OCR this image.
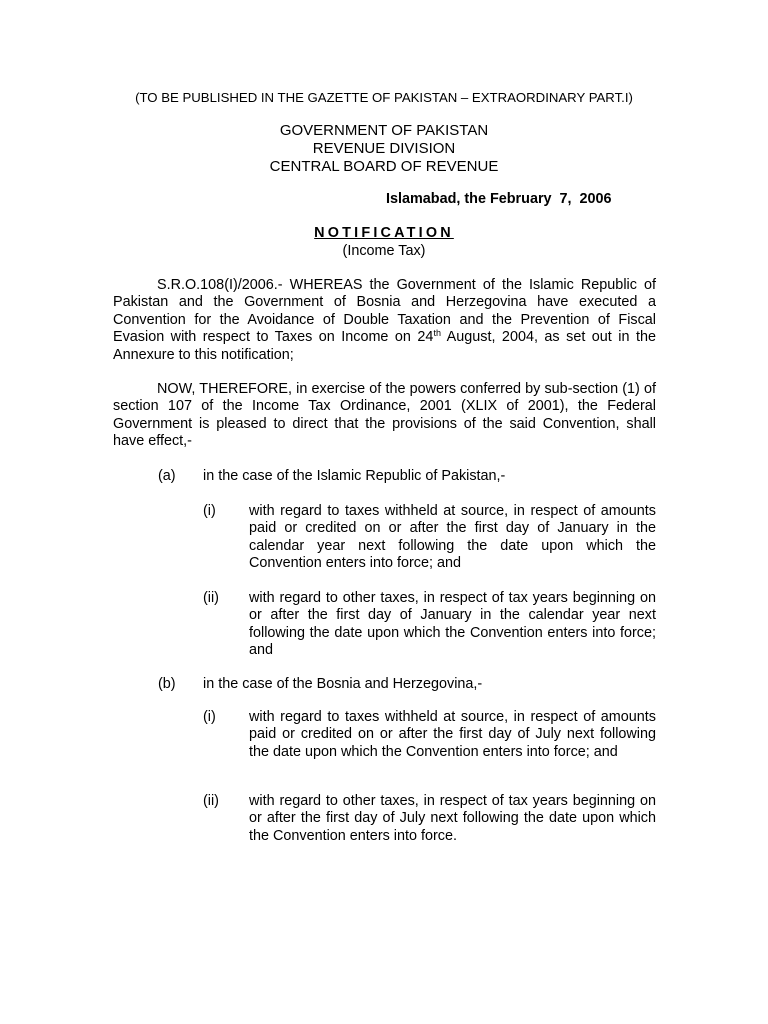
(TO BE PUBLISHED IN THE GAZETTE OF PAKISTAN – EXTRAORDINARY PART.I)
GOVERNMENT OF PAKISTAN
REVENUE DIVISION
CENTRAL BOARD OF REVENUE
Islamabad, the February  7,  2006
NOTIFICATION
(Income Tax)

S.R.O.108(I)/2006.- WHEREAS the Government of the Islamic Republic of Pakistan and the Government of Bosnia and Herzegovina have executed a Convention for the Avoidance of Double Taxation and the Prevention of Fiscal Evasion with respect to Taxes on Income on 24th August, 2004, as set out in the Annexure to this notification;

NOW, THEREFORE, in exercise of the powers conferred by sub-section (1) of section 107 of the Income Tax Ordinance, 2001 (XLIX of 2001), the Federal Government is pleased to direct that the provisions of the said Convention, shall have effect,-

(a) in the case of the Islamic Republic of Pakistan,-
(i) with regard to taxes withheld at source, in respect of amounts paid or credited on or after the first day of January in the calendar year next following the date upon which the Convention enters into force; and

(ii) with regard to other taxes, in respect of tax years beginning on or after the first day of January in the calendar year next following the date upon which the Convention enters into force; and

(b) in the case of the Bosnia and Herzegovina,-
(i) with regard to taxes withheld at source, in respect of amounts paid or credited on or after the first day of July next following the date upon which the Convention enters into force; and

(ii) with regard to other taxes, in respect of tax years beginning on or after the first day of July next following the date upon which the Convention enters into force.
